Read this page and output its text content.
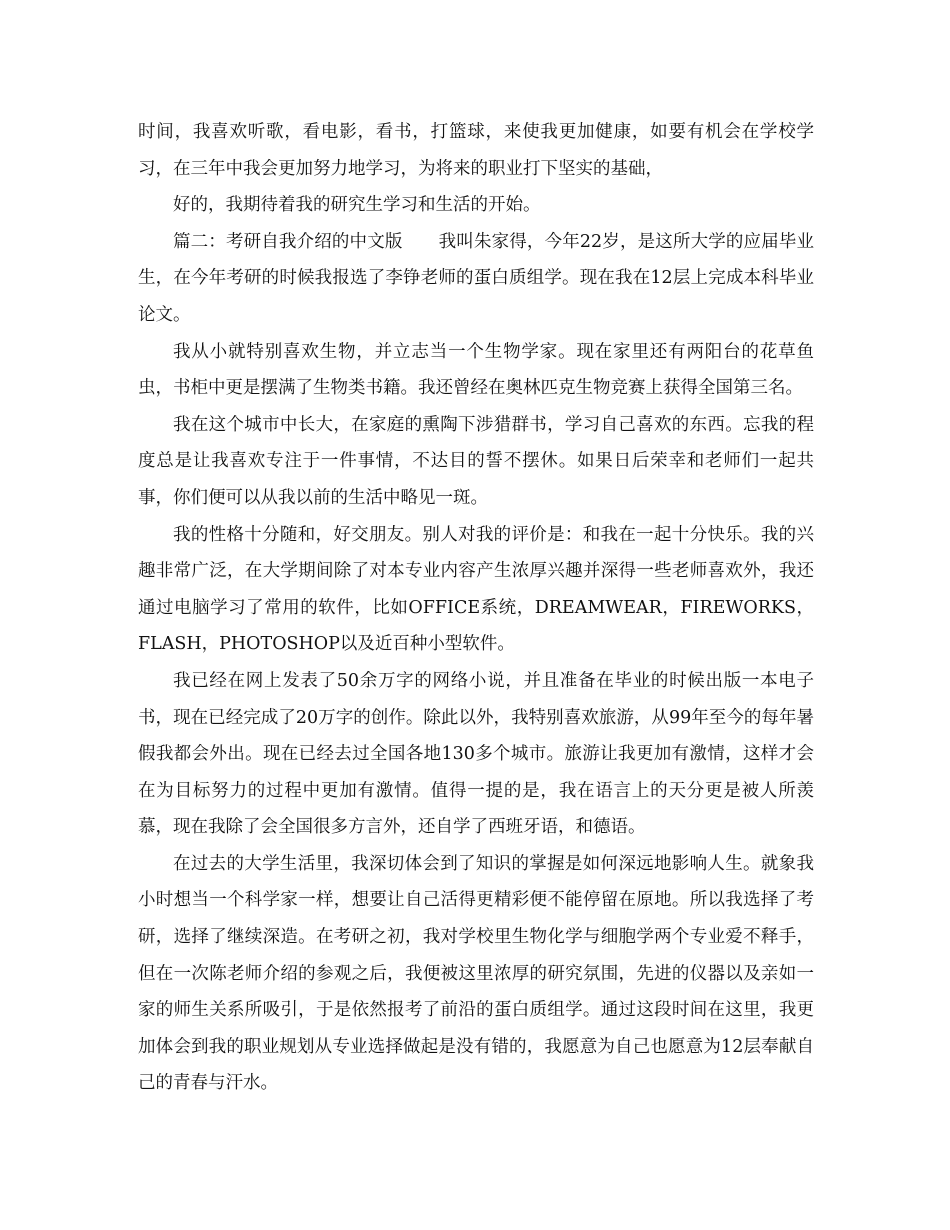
时间，我喜欢听歌，看电影，看书，打篮球，来使我更加健康，如要有机会在学校学习，在三年中我会更加努力地学习，为将来的职业打下坚实的基础，

好的，我期待着我的研究生学习和生活的开始。

篇二：考研自我介绍的中文版 我叫朱家得，今年22岁，是这所大学的应届毕业生，在今年考研的时候我报选了李铮老师的蛋白质组学。现在我在12层上完成本科毕业论文。

我从小就特别喜欢生物，并立志当一个生物学家。现在家里还有两阳台的花草鱼虫，书柜中更是摆满了生物类书籍。我还曾经在奥林匹克生物竞赛上获得全国第三名。

我在这个城市中长大，在家庭的熏陶下涉猎群书，学习自己喜欢的东西。忘我的程度总是让我喜欢专注于一件事情，不达目的誓不摆休。如果日后荣幸和老师们一起共事，你们便可以从我以前的生活中略见一斑。

我的性格十分随和，好交朋友。别人对我的评价是：和我在一起十分快乐。我的兴趣非常广泛，在大学期间除了对本专业内容产生浓厚兴趣并深得一些老师喜欢外，我还通过电脑学习了常用的软件，比如OFFICE系统，DREAMWEAR，FIREWORKS，FLASH，PHOTOSHOP以及近百种小型软件。

我已经在网上发表了50余万字的网络小说，并且准备在毕业的时候出版一本电子书，现在已经完成了20万字的创作。除此以外，我特别喜欢旅游，从99年至今的每年暑假我都会外出。现在已经去过全国各地130多个城市。旅游让我更加有激情，这样才会在为目标努力的过程中更加有激情。值得一提的是，我在语言上的天分更是被人所羡慕，现在我除了会全国很多方言外，还自学了西班牙语，和德语。

在过去的大学生活里，我深切体会到了知识的掌握是如何深远地影响人生。就象我小时想当一个科学家一样，想要让自己活得更精彩便不能停留在原地。所以我选择了考研，选择了继续深造。在考研之初，我对学校里生物化学与细胞学两个专业爱不释手，但在一次陈老师介绍的参观之后，我便被这里浓厚的研究氛围，先进的仪器以及亲如一家的师生关系所吸引，于是依然报考了前沿的蛋白质组学。通过这段时间在这里，我更加体会到我的职业规划从专业选择做起是没有错的，我愿意为自己也愿意为12层奉献自己的青春与汗水。
